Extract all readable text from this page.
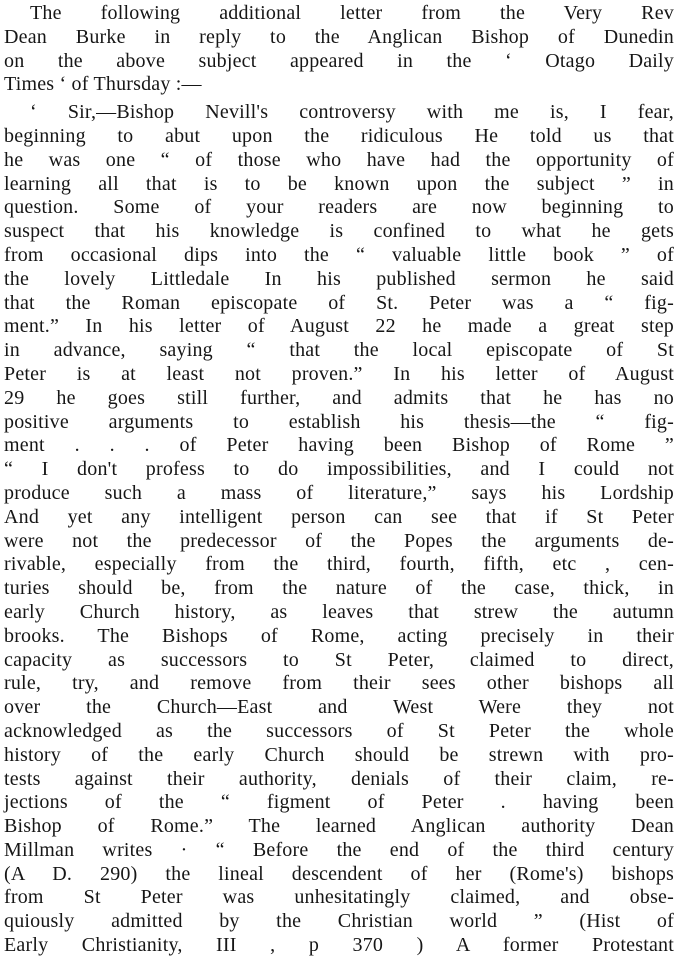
The following additional letter from the Very Rev
Dean Burke in reply to the Anglican Bishop of Dunedin
on the above subject appeared in the ‘ Otago Daily
Times ‘ of Thursday :—
‘ Sir,—Bishop Nevill's controversy with me is, I fear,
beginning to abut upon the ridiculous He told us that
he was one “ of those who have had the opportunity of
learning all that is to be known upon the subject ” in
question. Some of your readers are now beginning to
suspect that his knowledge is confined to what he gets
from occasional dips into the “ valuable little book ” of
the lovely Littledale In his published sermon he said
that the Roman episcopate of St. Peter was a “ fig-
ment.” In his letter of August 22 he made a great step
in advance, saying “ that the local episcopate of St
Peter is at least not proven.” In his letter of August
29 he goes still further, and admits that he has no
positive arguments to establish his thesis—the “ fig-
ment . . . of Peter having been Bishop of Rome ”
“ I don't profess to do impossibilities, and I could not
produce such a mass of literature,” says his Lordship
And yet any intelligent person can see that if St Peter
were not the predecessor of the Popes the arguments de-
rivable, especially from the third, fourth, fifth, etc , cen-
turies should be, from the nature of the case, thick, in
early Church history, as leaves that strew the autumn
brooks. The Bishops of Rome, acting precisely in their
capacity as successors to St Peter, claimed to direct,
rule, try, and remove from their sees other bishops all
over the Church—East and West Were they not
acknowledged as the successors of St Peter the whole
history of the early Church should be strewn with pro-
tests against their authority, denials of their claim, re-
jections of the “ figment of Peter . having been
Bishop of Rome.” The learned Anglican authority Dean
Millman writes · “ Before the end of the third century
(A D. 290) the lineal descendent of her (Rome's) bishops
from St Peter was unhesitatingly claimed, and obse-
quiously admitted by the Christian world ” (Hist of
Early Christianity, III , p 370 ) A former Protestant
